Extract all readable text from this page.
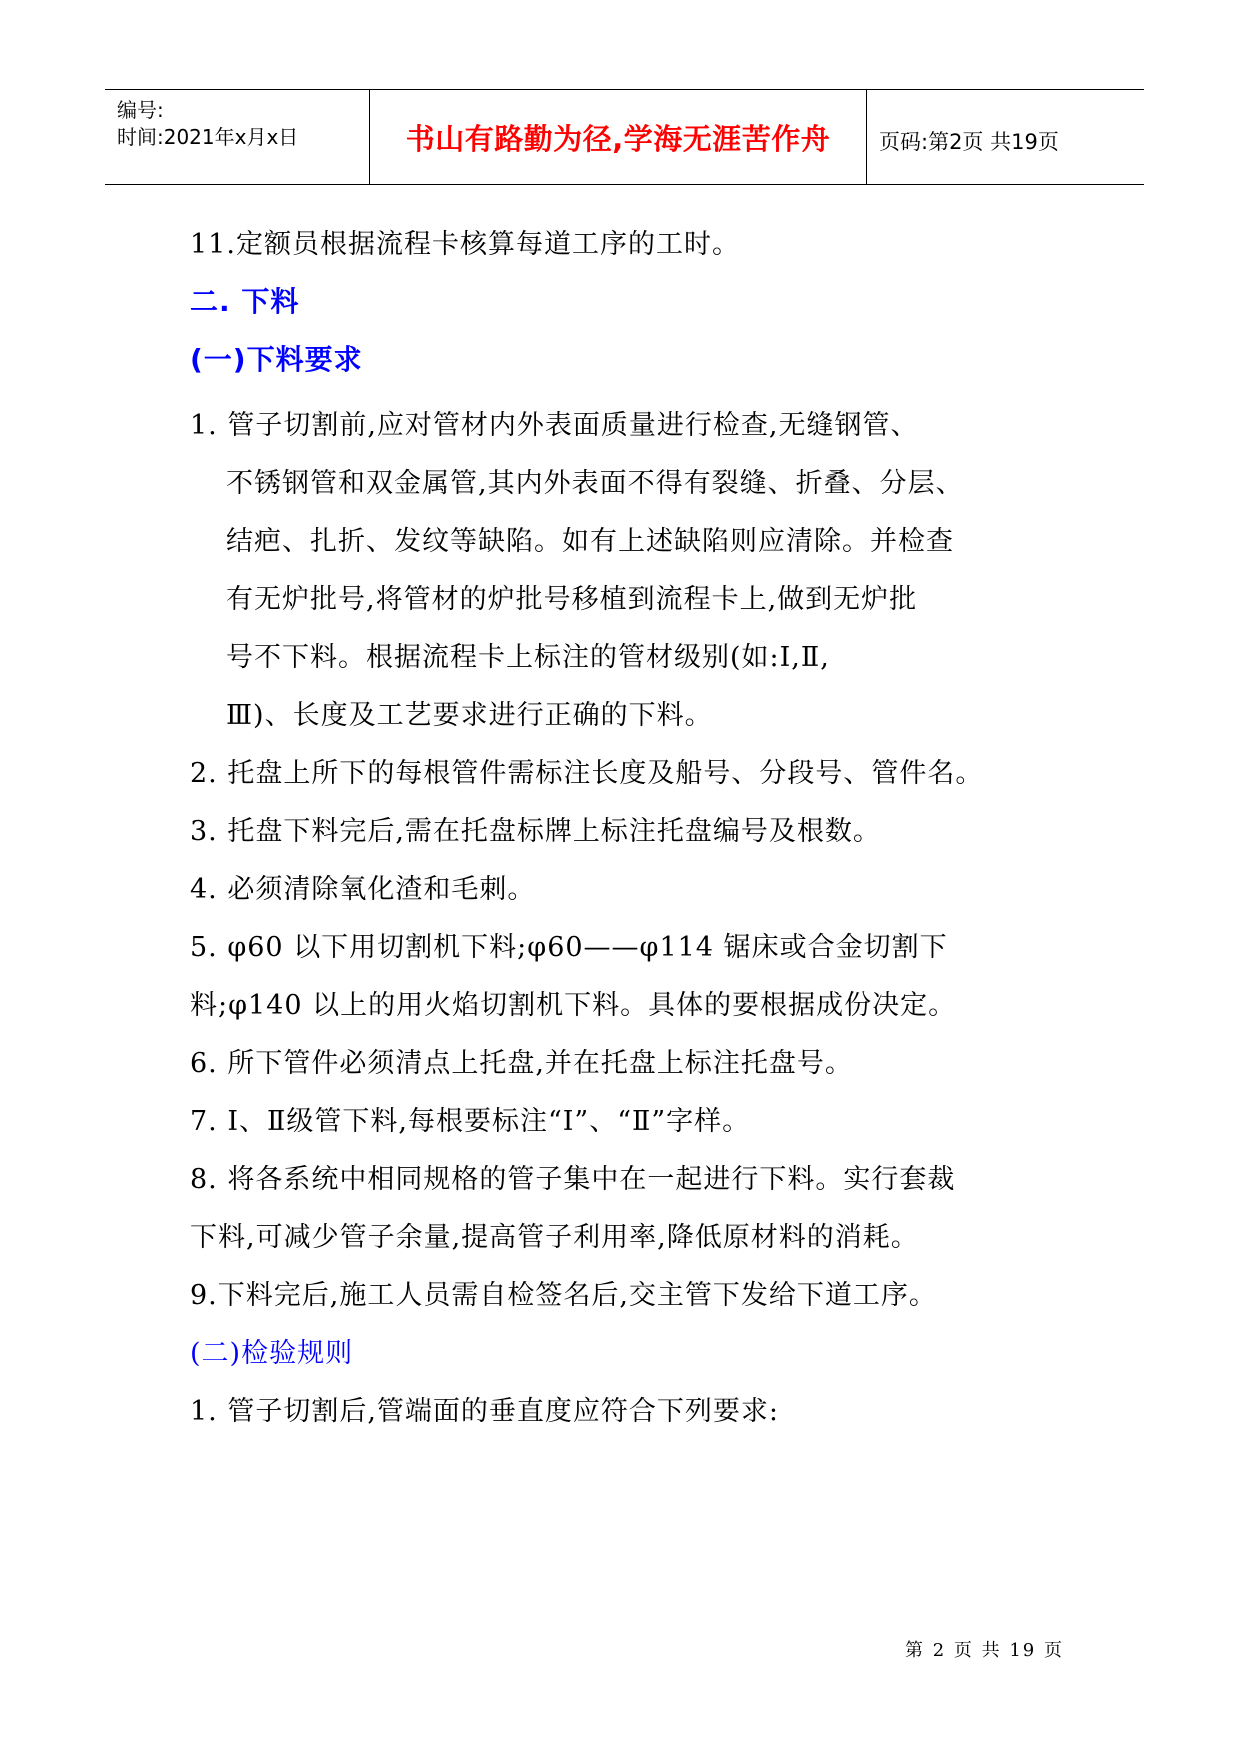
编号:
时间:2021年x月x日	书山有路勤为径,学海无涯苦作舟	页码:第2页 共19页
11.定额员根据流程卡核算每道工序的工时。
二. 下料
(一)下料要求
1. 管子切割前,应对管材内外表面质量进行检查,无缝钢管、
不锈钢管和双金属管,其内外表面不得有裂缝、折叠、分层、
结疤、扎折、发纹等缺陷。如有上述缺陷则应清除。并检查
有无炉批号,将管材的炉批号移植到流程卡上,做到无炉批
号不下料。根据流程卡上标注的管材级别(如:Ⅰ,Ⅱ,
Ⅲ)、长度及工艺要求进行正确的下料。
2. 托盘上所下的每根管件需标注长度及船号、分段号、管件名。
3. 托盘下料完后,需在托盘标牌上标注托盘编号及根数。
4. 必须清除氧化渣和毛刺。
5. φ60 以下用切割机下料;φ60——φ114 锯床或合金切割下
料;φ140 以上的用火焰切割机下料。具体的要根据成份决定。
6. 所下管件必须清点上托盘,并在托盘上标注托盘号。
7. Ⅰ、Ⅱ级管下料,每根要标注“Ⅰ”、“Ⅱ”字样。
8. 将各系统中相同规格的管子集中在一起进行下料。实行套裁
下料,可减少管子余量,提高管子利用率,降低原材料的消耗。
9.下料完后,施工人员需自检签名后,交主管下发给下道工序。
(二)检验规则
1. 管子切割后,管端面的垂直度应符合下列要求:
第 2 页 共 19 页
